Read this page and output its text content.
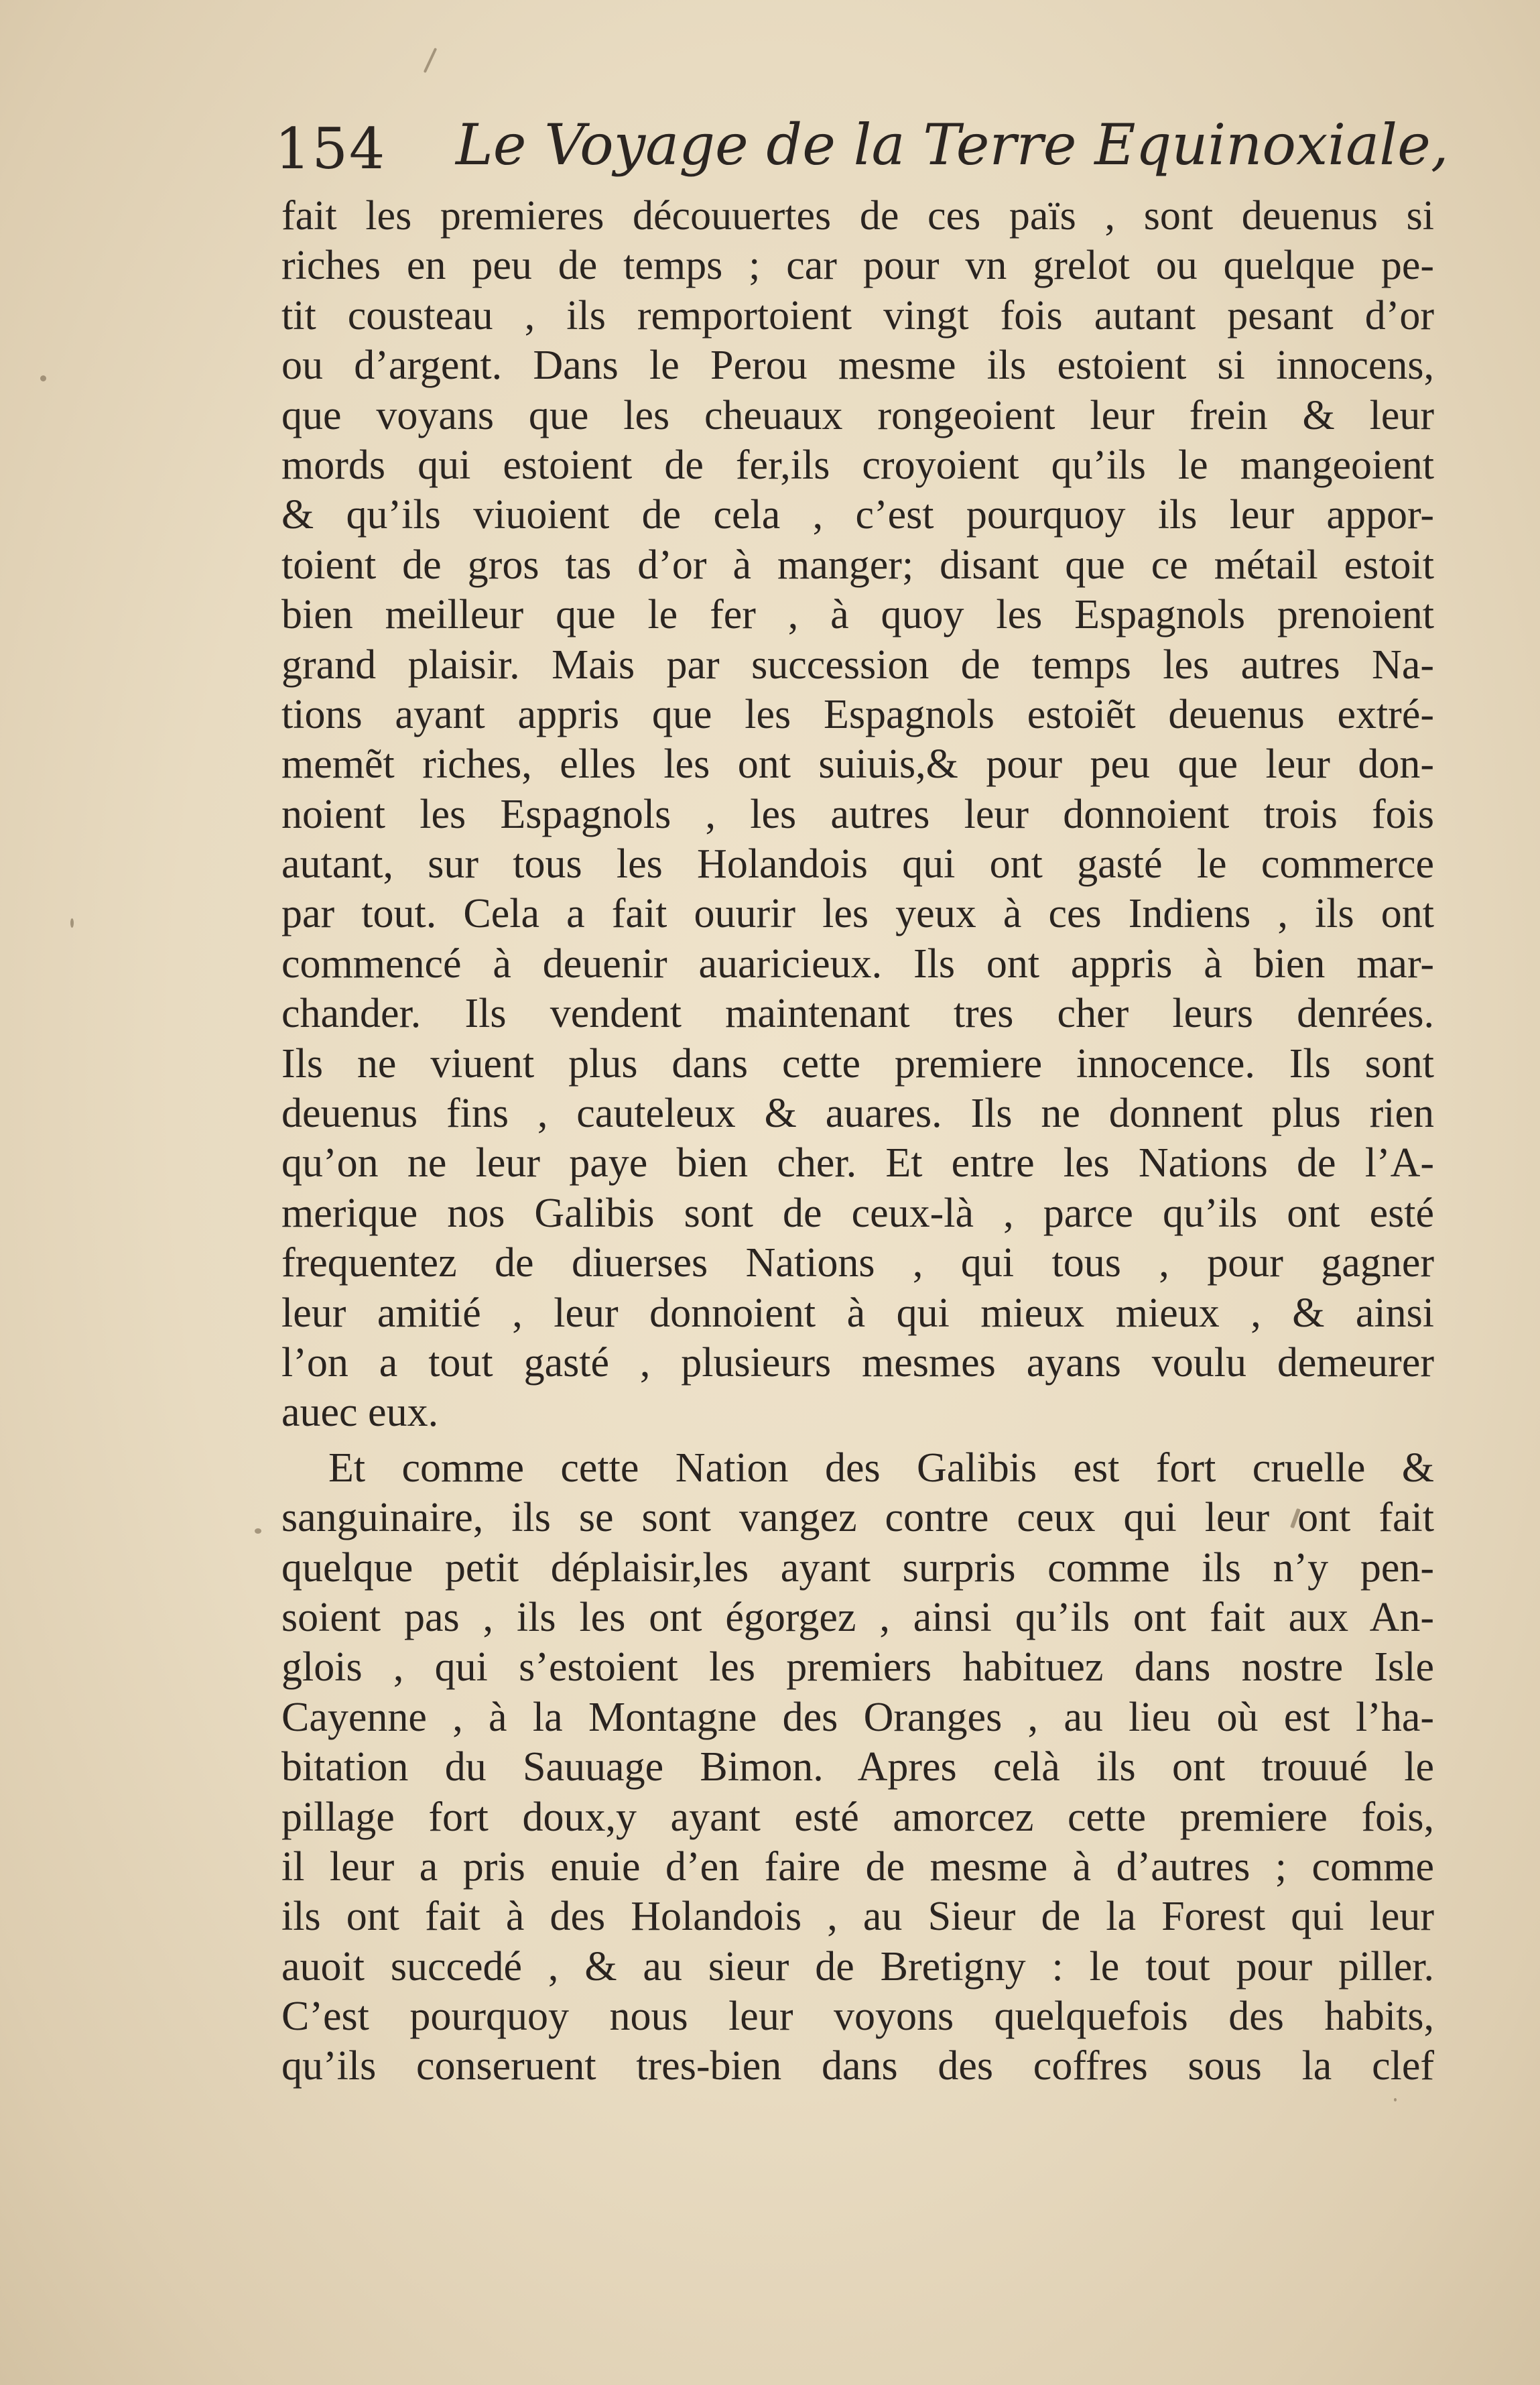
154 Le Voyage de la Terre Equinoxiale,
fait les premieres découuertes de ces païs , sont deuenus si
riches en peu de temps ; car pour vn grelot ou quelque pe-
tit cousteau , ils remportoient vingt fois autant pesant d’or
ou d’argent. Dans le Perou mesme ils estoient si innocens,
que voyans que les cheuaux rongeoient leur frein & leur
mords qui estoient de fer,ils croyoient qu’ils le mangeoient
& qu’ils viuoient de cela , c’est pourquoy ils leur appor-
toient de gros tas d’or à manger; disant que ce métail estoit
bien meilleur que le fer , à quoy les Espagnols prenoient
grand plaisir. Mais par succession de temps les autres Na-
tions ayant appris que les Espagnols estoiẽt deuenus extré-
memẽt riches, elles les ont suiuis,& pour peu que leur don-
noient les Espagnols , les autres leur donnoient trois fois
autant, sur tous les Holandois qui ont gasté le commerce
par tout. Cela a fait ouurir les yeux à ces Indiens , ils ont
commencé à deuenir auaricieux. Ils ont appris à bien mar-
chander. Ils vendent maintenant tres cher leurs denrées.
Ils ne viuent plus dans cette premiere innocence. Ils sont
deuenus fins , cauteleux & auares. Ils ne donnent plus rien
qu’on ne leur paye bien cher. Et entre les Nations de l’A-
merique nos Galibis sont de ceux-là , parce qu’ils ont esté
frequentez de diuerses Nations , qui tous , pour gagner
leur amitié , leur donnoient à qui mieux mieux , & ainsi
l’on a tout gasté , plusieurs mesmes ayans voulu demeurer
auec eux.
Et comme cette Nation des Galibis est fort cruelle &
sanguinaire, ils se sont vangez contre ceux qui leur ont fait
quelque petit déplaisir,les ayant surpris comme ils n’y pen-
soient pas , ils les ont égorgez , ainsi qu’ils ont fait aux An-
glois , qui s’estoient les premiers habituez dans nostre Isle
Cayenne , à la Montagne des Oranges , au lieu où est l’ha-
bitation du Sauuage Bimon. Apres celà ils ont trouué le
pillage fort doux,y ayant esté amorcez cette premiere fois,
il leur a pris enuie d’en faire de mesme à d’autres ; comme
ils ont fait à des Holandois , au Sieur de la Forest qui leur
auoit succedé , & au sieur de Bretigny : le tout pour piller.
C’est pourquoy nous leur voyons quelquefois des habits,
qu’ils conseruent tres-bien dans des coffres sous la clef
